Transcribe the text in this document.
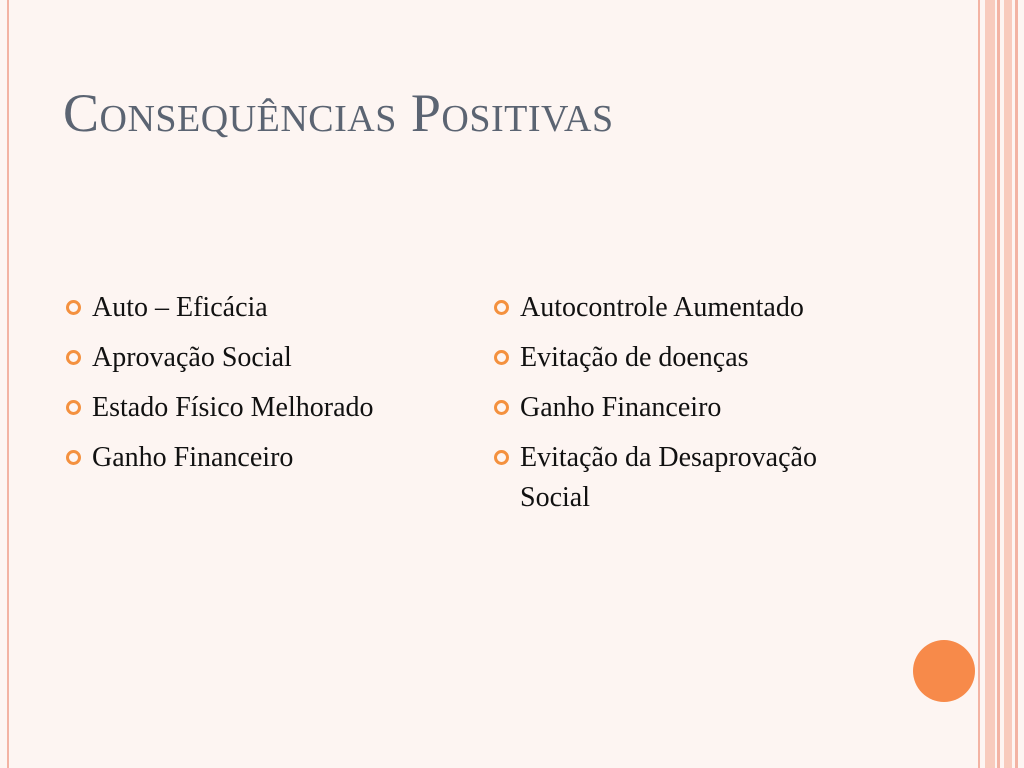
Consequências Positivas
Auto – Eficácia
Aprovação Social
Estado Físico Melhorado
Ganho Financeiro
Autocontrole Aumentado
Evitação de doenças
Ganho Financeiro
Evitação da Desaprovação Social
